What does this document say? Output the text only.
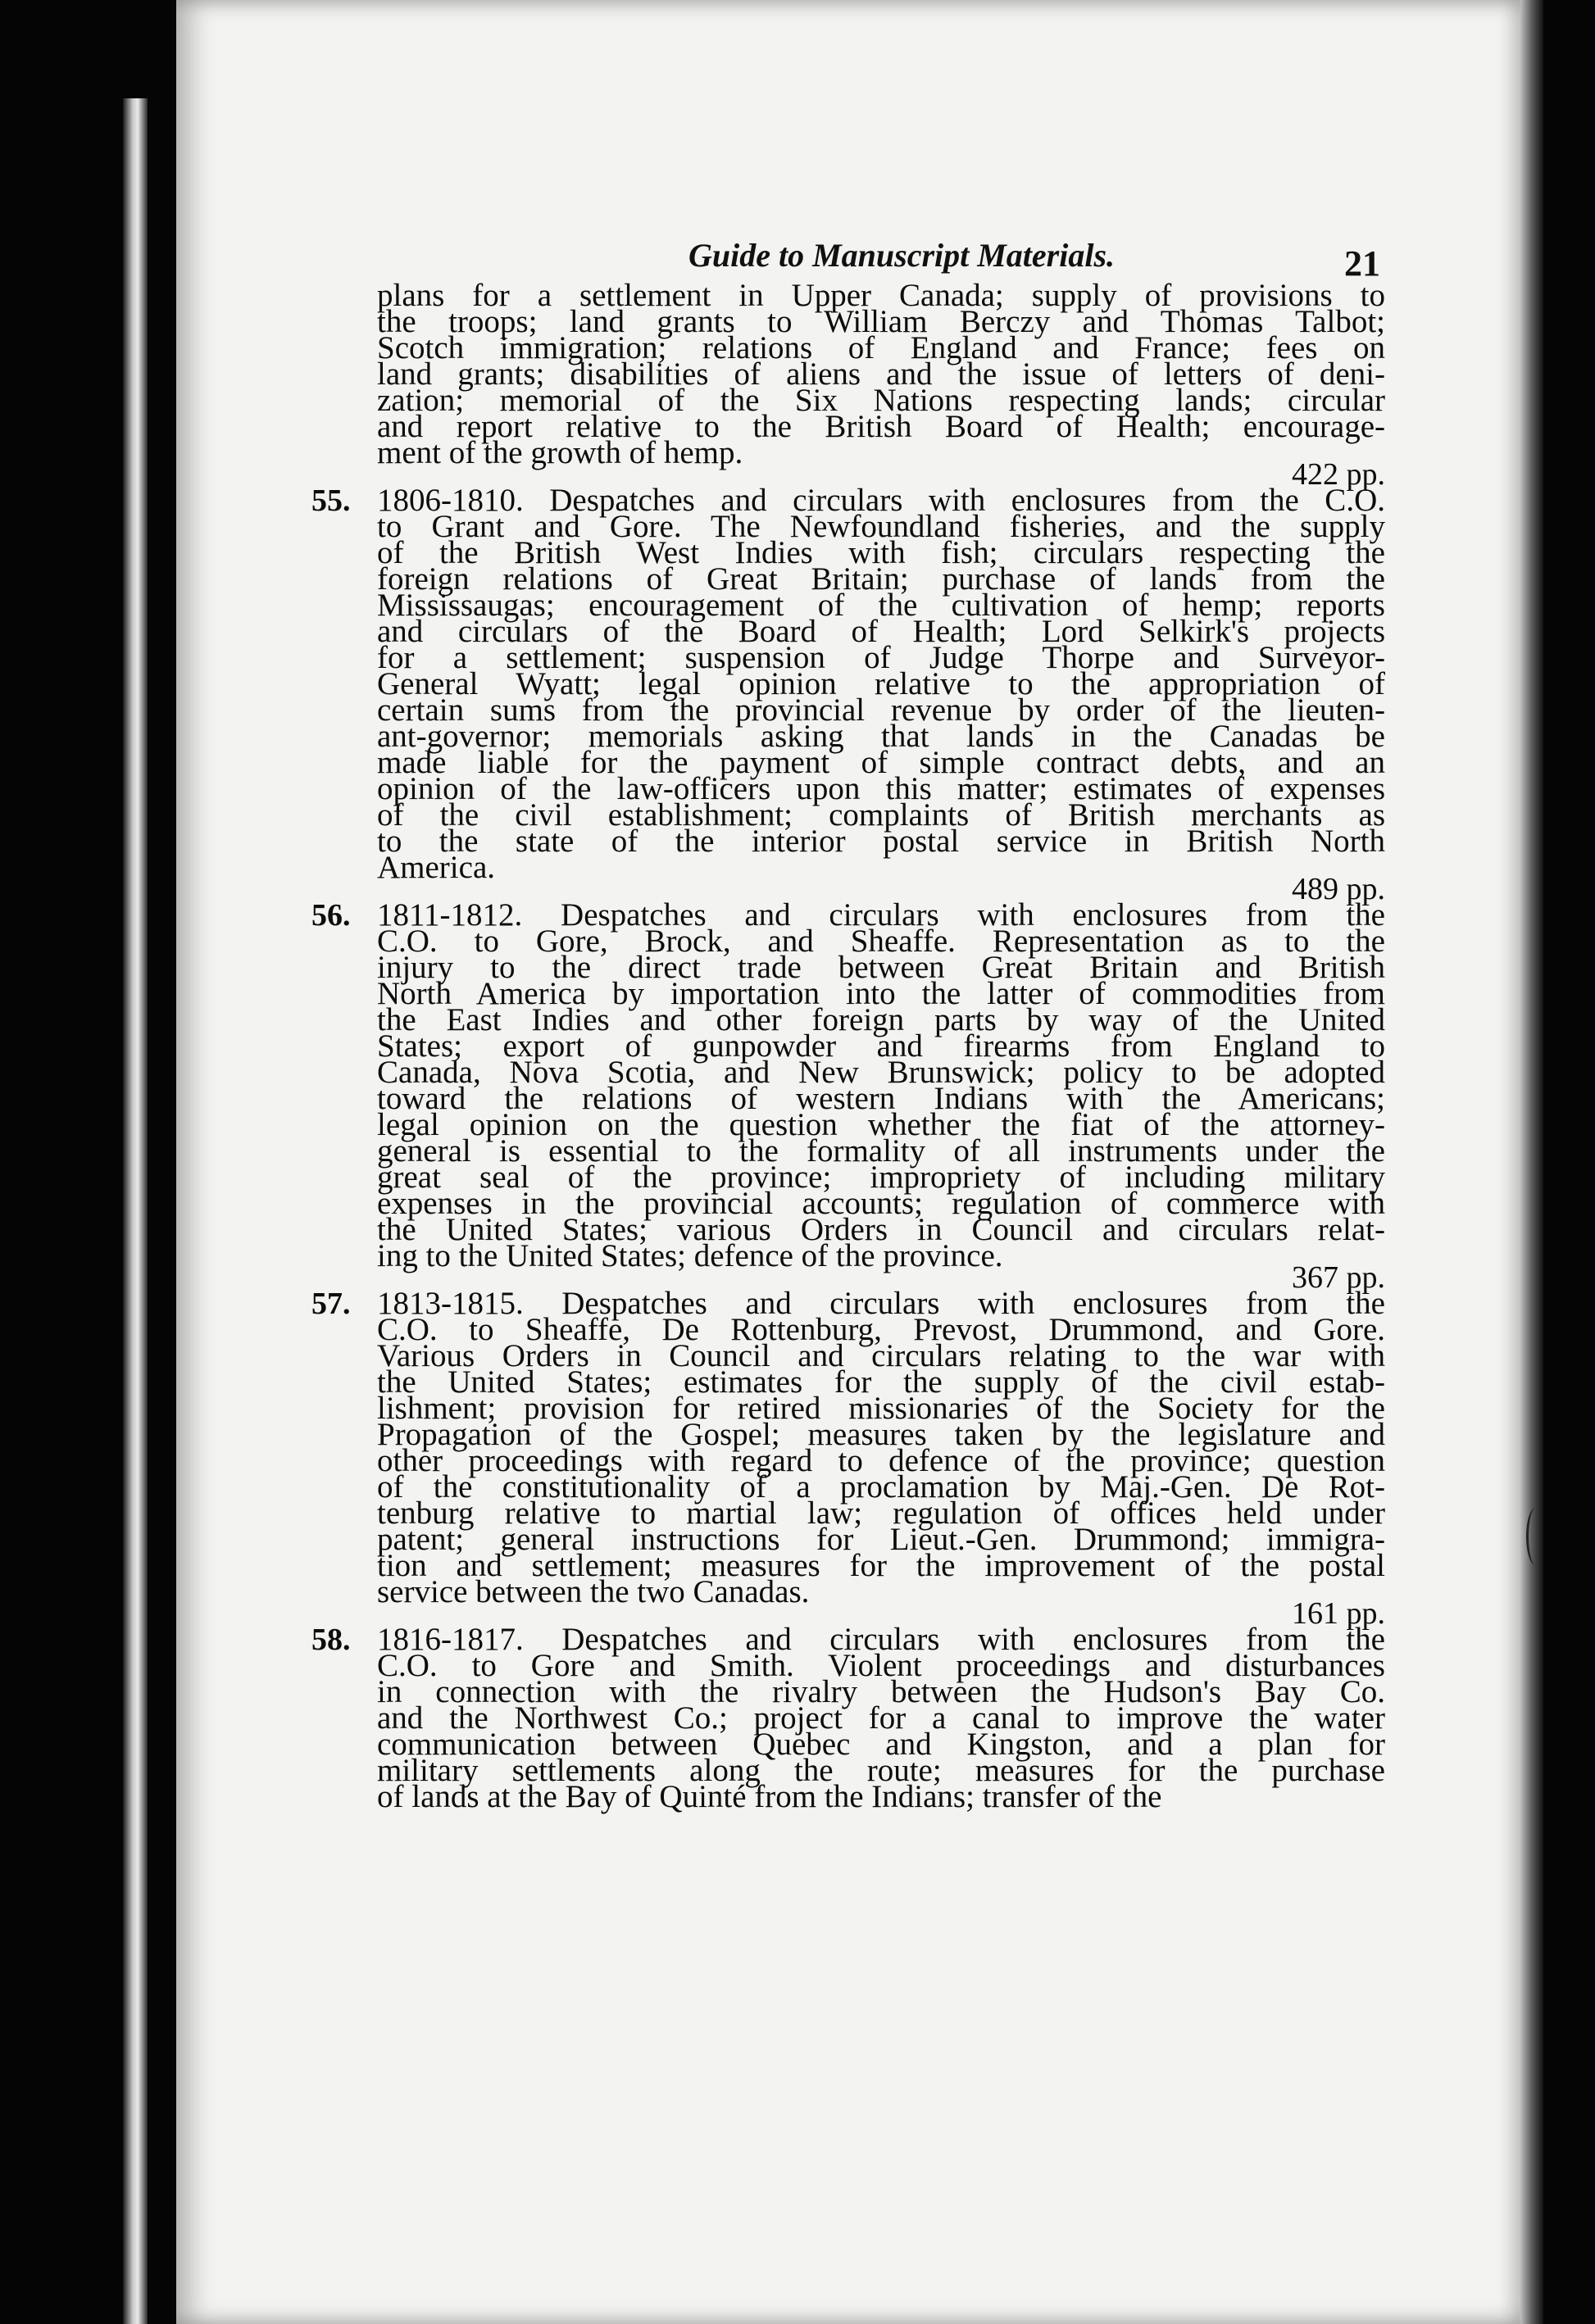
Guide to Manuscript Materials.	21
plans for a settlement in Upper Canada; supply of provisions to
the troops; land grants to William Berczy and Thomas Talbot;
Scotch immigration; relations of England and France; fees on
land grants; disabilities of aliens and the issue of letters of deni-
zation; memorial of the Six Nations respecting lands; circular
and report relative to the British Board of Health; encourage-
ment of the growth of hemp.
422 pp.
55. 1806-1810. Despatches and circulars with enclosures from the C.O.
to Grant and Gore. The Newfoundland fisheries, and the supply
of the British West Indies with fish; circulars respecting the
foreign relations of Great Britain; purchase of lands from the
Mississaugas; encouragement of the cultivation of hemp; reports
and circulars of the Board of Health; Lord Selkirk's projects
for a settlement; suspension of Judge Thorpe and Surveyor-
General Wyatt; legal opinion relative to the appropriation of
certain sums from the provincial revenue by order of the lieuten-
ant-governor; memorials asking that lands in the Canadas be
made liable for the payment of simple contract debts, and an
opinion of the law-officers upon this matter; estimates of expenses
of the civil establishment; complaints of British merchants as
to the state of the interior postal service in British North
America.
489 pp.
56. 1811-1812. Despatches and circulars with enclosures from the
C.O. to Gore, Brock, and Sheaffe. Representation as to the
injury to the direct trade between Great Britain and British
North America by importation into the latter of commodities from
the East Indies and other foreign parts by way of the United
States; export of gunpowder and firearms from England to
Canada, Nova Scotia, and New Brunswick; policy to be adopted
toward the relations of western Indians with the Americans;
legal opinion on the question whether the fiat of the attorney-
general is essential to the formality of all instruments under the
great seal of the province; impropriety of including military
expenses in the provincial accounts; regulation of commerce with
the United States; various Orders in Council and circulars relat-
ing to the United States; defence of the province.
367 pp.
57. 1813-1815. Despatches and circulars with enclosures from the
C.O. to Sheaffe, De Rottenburg, Prevost, Drummond, and Gore.
Various Orders in Council and circulars relating to the war with
the United States; estimates for the supply of the civil estab-
lishment; provision for retired missionaries of the Society for the
Propagation of the Gospel; measures taken by the legislature and
other proceedings with regard to defence of the province; question
of the constitutionality of a proclamation by Maj.-Gen. De Rot-
tenburg relative to martial law; regulation of offices held under
patent; general instructions for Lieut.-Gen. Drummond; immigra-
tion and settlement; measures for the improvement of the postal
service between the two Canadas.
161 pp.
58. 1816-1817. Despatches and circulars with enclosures from the
C.O. to Gore and Smith. Violent proceedings and disturbances
in connection with the rivalry between the Hudson's Bay Co.
and the Northwest Co.; project for a canal to improve the water
communication between Quebec and Kingston, and a plan for
military settlements along the route; measures for the purchase
of lands at the Bay of Quinté from the Indians; transfer of the
